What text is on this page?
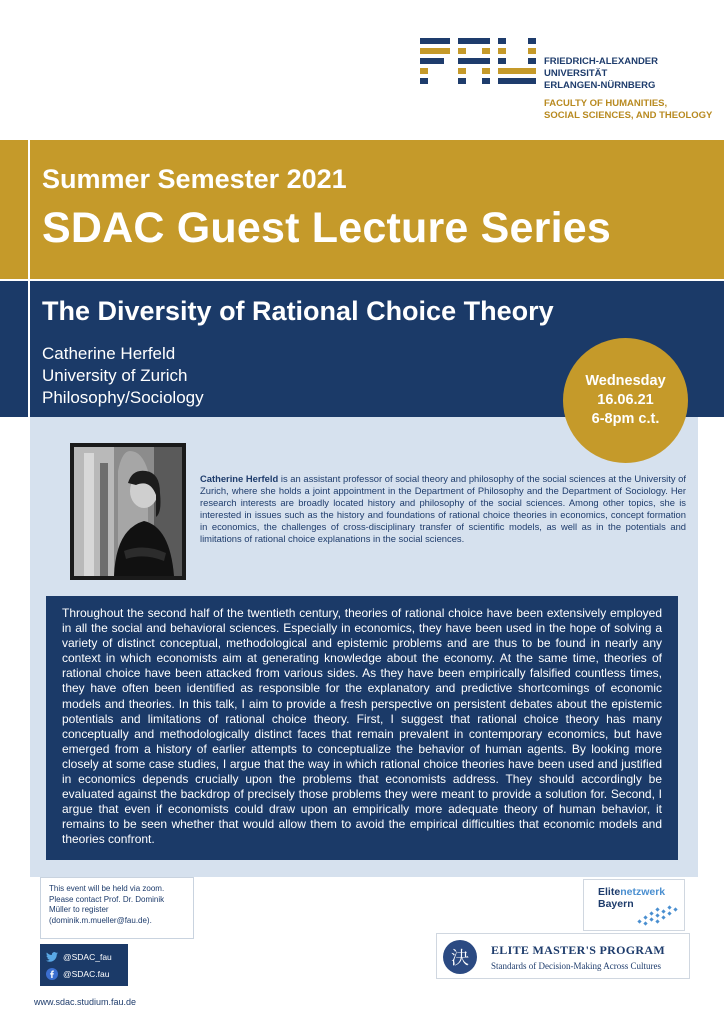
FRIEDRICH-ALEXANDER
UNIVERSITÄT
ERLANGEN-NÜRNBERG
FACULTY OF HUMANITIES,
SOCIAL SCIENCES, AND THEOLOGY
Summer Semester 2021
SDAC Guest Lecture Series
The Diversity of Rational Choice Theory
Catherine Herfeld
University of Zurich
Philosophy/Sociology
Wednesday
16.06.21
6-8pm c.t.
Catherine Herfeld is an assistant professor of social theory and philosophy of the social sciences at the University of Zurich, where she holds a joint appointment in the Department of Philosophy and the Department of Sociology. Her research interests are broadly located history and philosophy of the social sciences. Among other topics, she is interested in issues such as the history and foundations of rational choice theories in economics, concept formation in economics, the challenges of cross-disciplinary transfer of scientific models, as well as in the potentials and limitations of rational choice explanations in the social sciences.

Throughout the second half of the twentieth century, theories of rational choice have been extensively employed in all the social and behavioral sciences. Especially in economics, they have been used in the hope of solving a variety of distinct conceptual, methodological and epistemic problems and are thus to be found in nearly any context in which economists aim at generating knowledge about the economy. At the same time, theories of rational choice have been attacked from various sides. As they have been empirically falsified countless times, they have often been identified as responsible for the explanatory and predictive shortcomings of economic models and theories. In this talk, I aim to provide a fresh perspective on persistent debates about the epistemic potentials and limitations of rational choice theory. First, I suggest that rational choice theory has many conceptually and methodologically distinct faces that remain prevalent in contemporary economics, but have emerged from a history of earlier attempts to conceptualize the behavior of human agents. By looking more closely at some case studies, I argue that the way in which rational choice theories have been used and justified in economics depends crucially upon the problems that economists address. They should accordingly be evaluated against the backdrop of precisely those problems they were meant to provide a solution for. Second, I argue that even if economists could draw upon an empirically more adequate theory of human behavior, it remains to be seen whether that would allow them to avoid the empirical difficulties that economic models and theories confront.

This event will be held via zoom. Please contact Prof. Dr. Dominik Müller to register (dominik.m.mueller@fau.de).
@SDAC_fau
@SDAC.fau
www.sdac.studium.fau.de
Elitenetzwerk
Bayern
決	ELITE MASTER'S PROGRAM
Standards of Decision-Making Across Cultures
